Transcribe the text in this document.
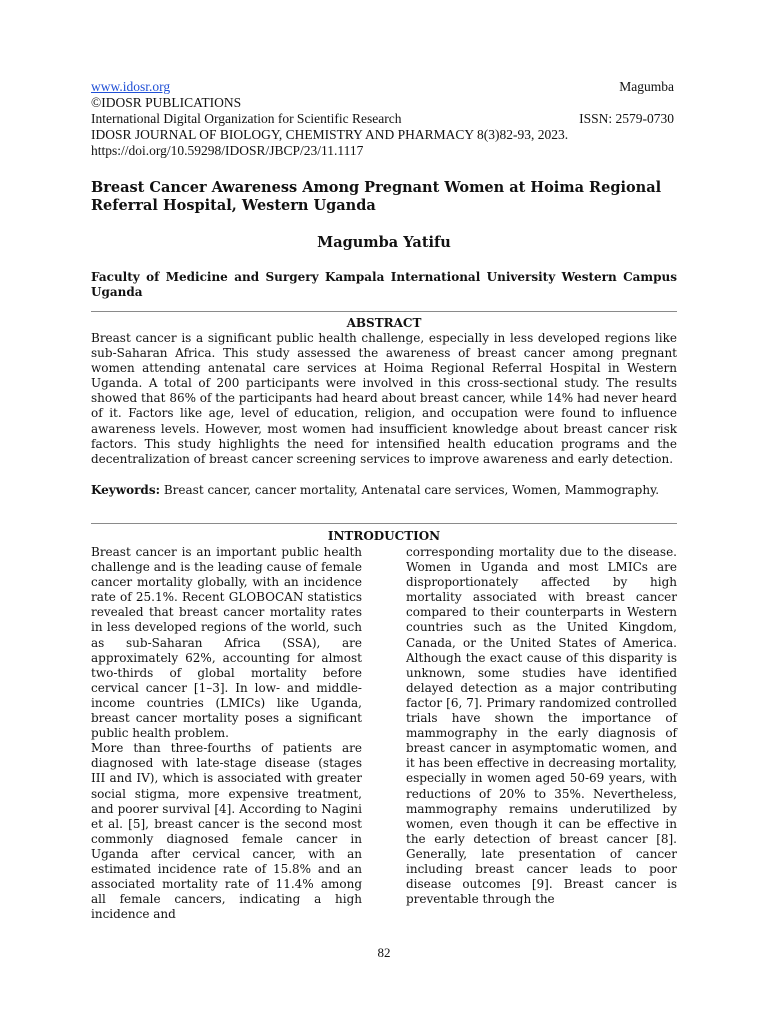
www.idosr.org	Magumba
©IDOSR PUBLICATIONS
International Digital Organization for Scientific Research	ISSN: 2579-0730
IDOSR JOURNAL OF BIOLOGY, CHEMISTRY AND PHARMACY 8(3)82-93, 2023.
https://doi.org/10.59298/IDOSR/JBCP/23/11.1117
Breast Cancer Awareness Among Pregnant Women at Hoima Regional Referral Hospital, Western Uganda
Magumba Yatifu

Faculty of Medicine and Surgery Kampala International University Western Campus Uganda

ABSTRACT

Breast cancer is a significant public health challenge, especially in less developed regions like sub-Saharan Africa. This study assessed the awareness of breast cancer among pregnant women attending antenatal care services at Hoima Regional Referral Hospital in Western Uganda. A total of 200 participants were involved in this cross-sectional study. The results showed that 86% of the participants had heard about breast cancer, while 14% had never heard of it. Factors like age, level of education, religion, and occupation were found to influence awareness levels. However, most women had insufficient knowledge about breast cancer risk factors. This study highlights the need for intensified health education programs and the decentralization of breast cancer screening services to improve awareness and early detection.

Keywords: Breast cancer, cancer mortality, Antenatal care services, Women, Mammography.

INTRODUCTION

Breast cancer is an important public health challenge and is the leading cause of female cancer mortality globally, with an incidence rate of 25.1%. Recent GLOBOCAN statistics revealed that breast cancer mortality rates in less developed regions of the world, such as sub-Saharan Africa (SSA), are approximately 62%, accounting for almost two-thirds of global mortality before cervical cancer [1–3]. In low- and middle-income countries (LMICs) like Uganda, breast cancer mortality poses a significant public health problem.

More than three-fourths of patients are diagnosed with late-stage disease (stages III and IV), which is associated with greater social stigma, more expensive treatment, and poorer survival [4]. According to Nagini et al. [5], breast cancer is the second most commonly diagnosed female cancer in Uganda after cervical cancer, with an estimated incidence rate of 15.8% and an associated mortality rate of 11.4% among all female cancers, indicating a high incidence and

corresponding mortality due to the disease. Women in Uganda and most LMICs are disproportionately affected by high mortality associated with breast cancer compared to their counterparts in Western countries such as the United Kingdom, Canada, or the United States of America. Although the exact cause of this disparity is unknown, some studies have identified delayed detection as a major contributing factor [6, 7]. Primary randomized controlled trials have shown the importance of mammography in the early diagnosis of breast cancer in asymptomatic women, and it has been effective in decreasing mortality, especially in women aged 50-69 years, with reductions of 20% to 35%. Nevertheless, mammography remains underutilized by women, even though it can be effective in the early detection of breast cancer [8]. Generally, late presentation of cancer including breast cancer leads to poor disease outcomes [9]. Breast cancer is preventable through the

82
